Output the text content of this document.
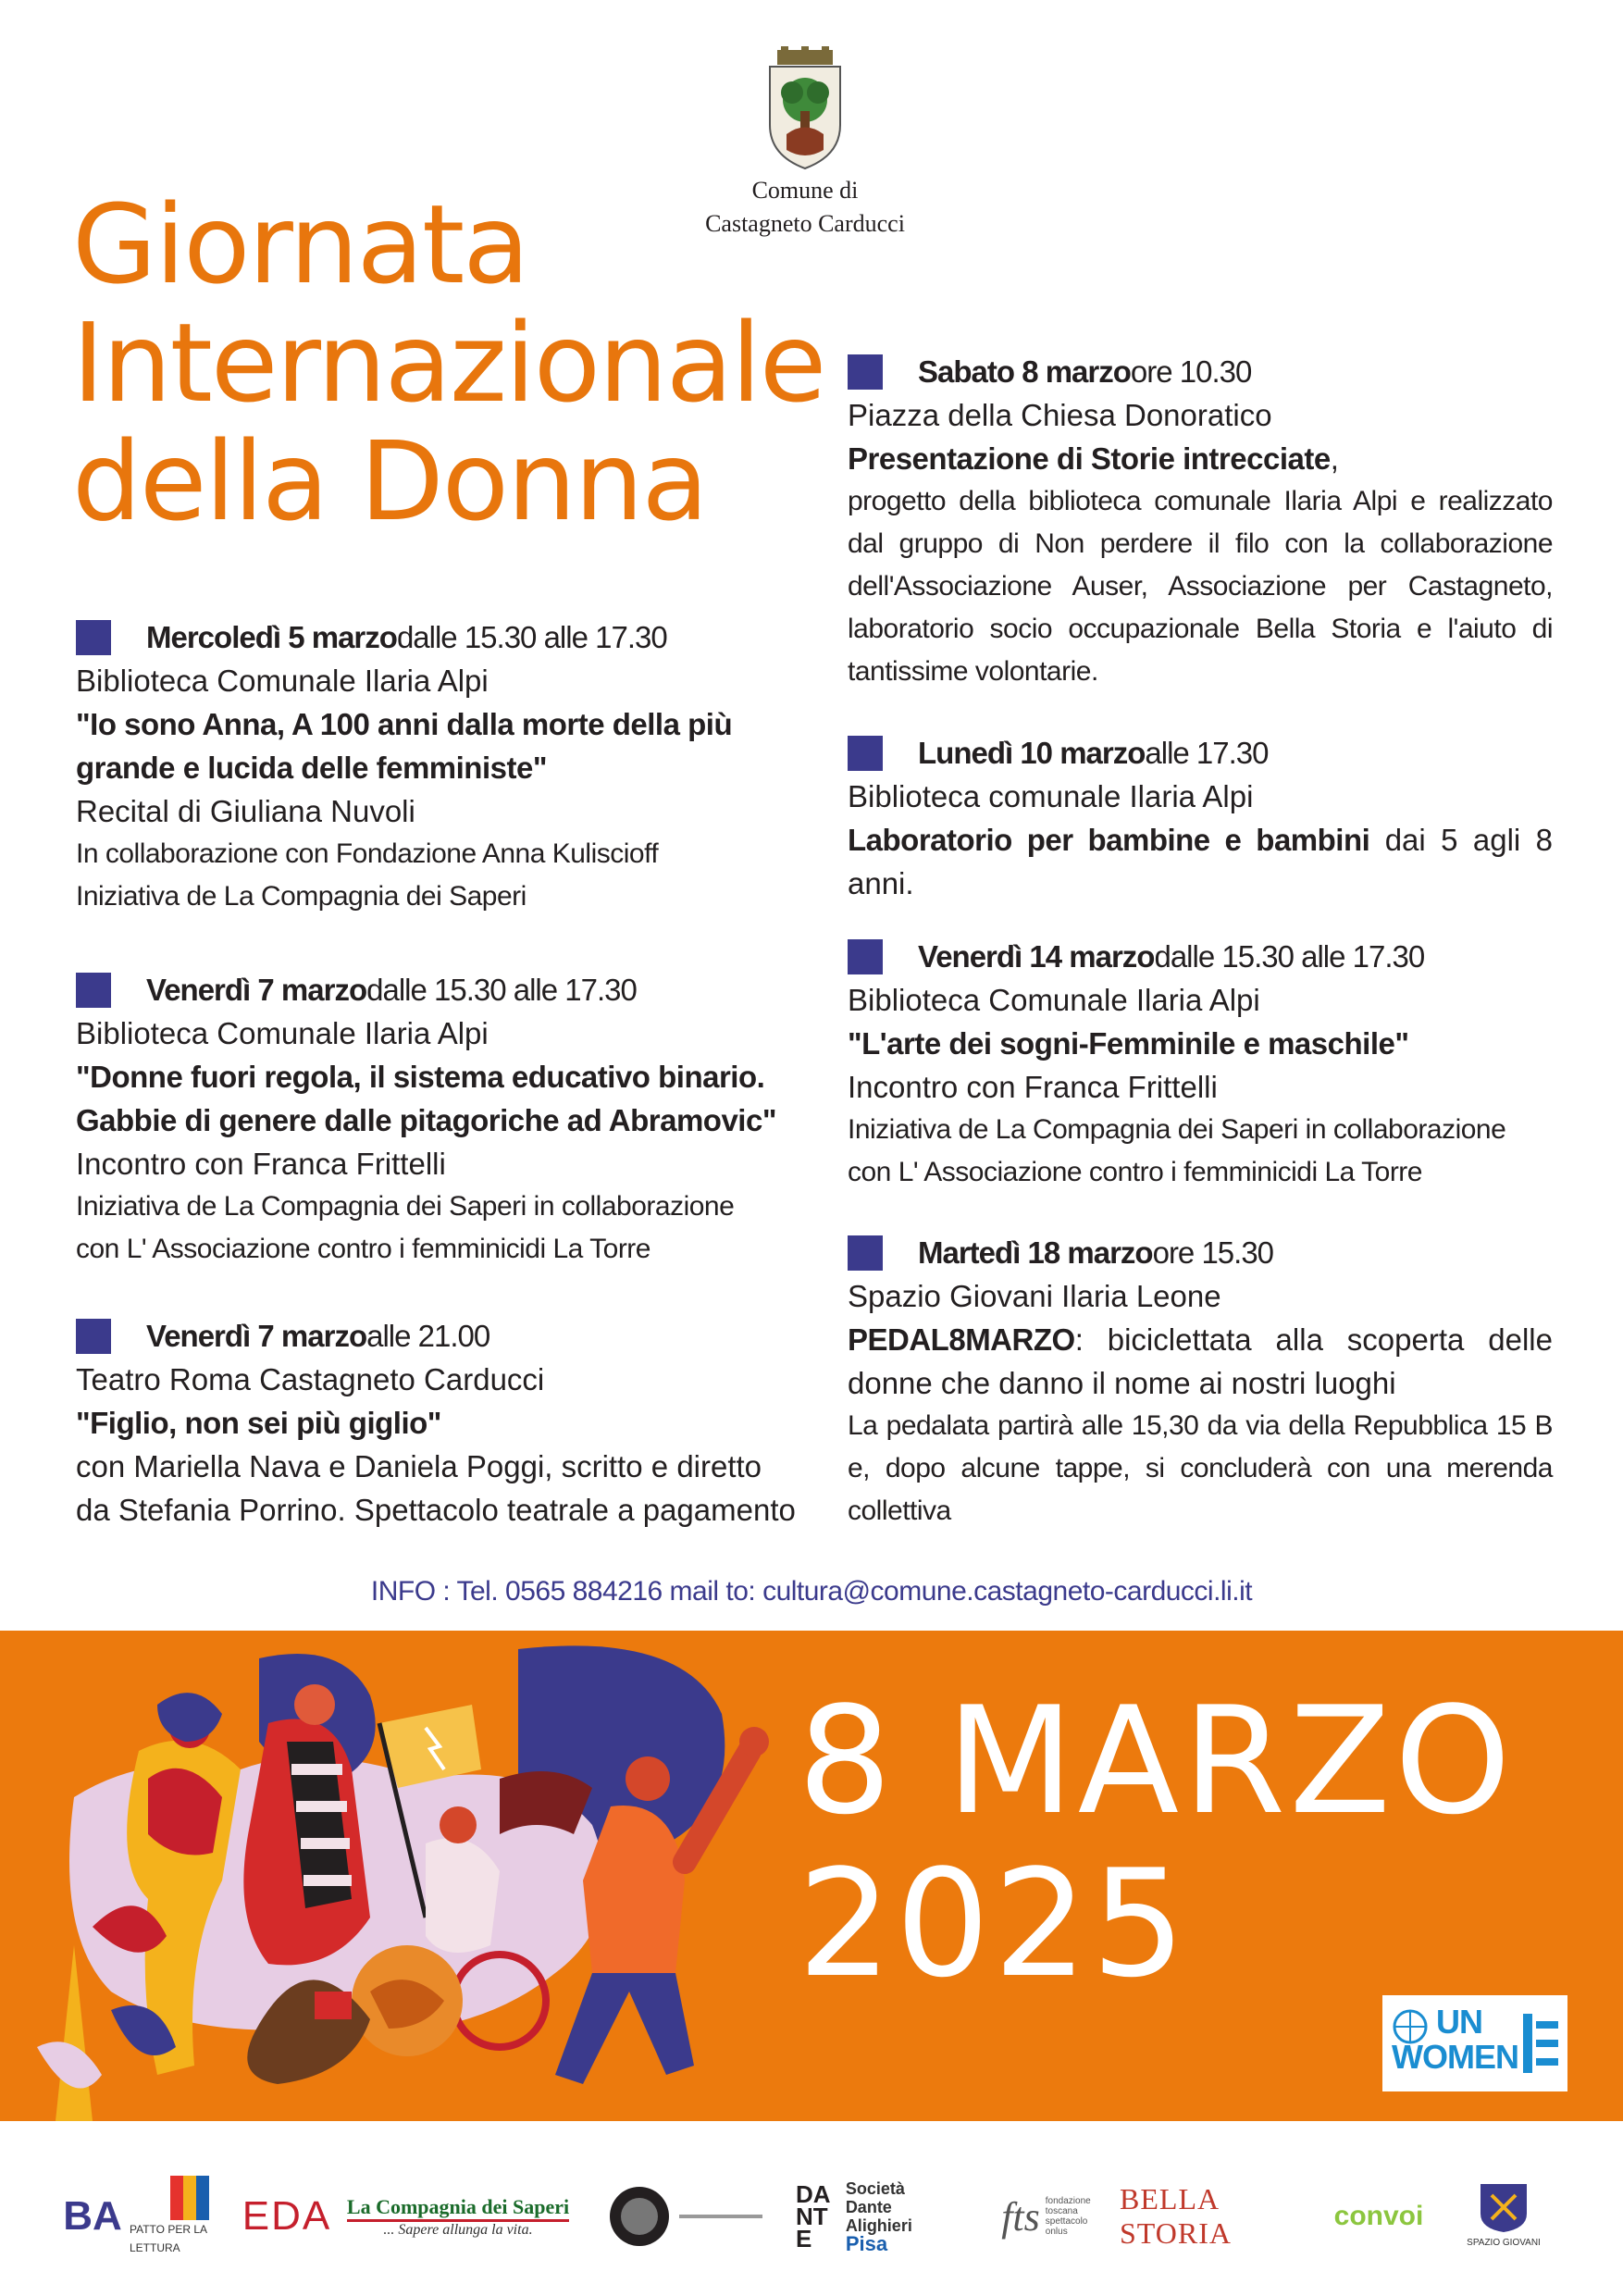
Comune di
Castagneto Carducci
Giornata
Internazionale
della Donna
Mercoledì 5 marzo dalle 15.30 alle 17.30
Biblioteca Comunale Ilaria Alpi
"Io sono Anna, A 100 anni dalla morte della più
grande e lucida delle femministe"
Recital di Giuliana Nuvoli
In collaborazione con Fondazione Anna Kuliscioff
Iniziativa de La Compagnia dei Saperi
Venerdì 7 marzo dalle 15.30 alle 17.30
Biblioteca Comunale Ilaria Alpi
"Donne fuori regola, il sistema educativo binario.
Gabbie di genere dalle pitagoriche ad Abramovic"
Incontro con Franca Frittelli
Iniziativa de La Compagnia dei Saperi in collaborazione
con L' Associazione contro i femminicidi La Torre
Venerdì 7 marzo alle 21.00
Teatro Roma Castagneto Carducci
"Figlio, non sei più giglio"
con Mariella Nava e Daniela Poggi, scritto e diretto
da Stefania Porrino. Spettacolo teatrale a pagamento
Sabato 8 marzo ore 10.30
Piazza della Chiesa Donoratico
Presentazione di Storie intrecciate,
progetto della biblioteca comunale Ilaria Alpi e realizzato dal gruppo di Non perdere il filo con la collaborazione dell'Associazione Auser, Associazione per Castagneto, laboratorio socio occupazionale Bella Storia e l'aiuto di tantissime volontarie.
Lunedì 10 marzo alle 17.30
Biblioteca comunale Ilaria Alpi
Laboratorio per bambine e bambini dai 5 agli 8 anni.
Venerdì 14 marzo dalle 15.30 alle 17.30
Biblioteca Comunale Ilaria Alpi
"L'arte dei sogni-Femminile e maschile"
Incontro con Franca Frittelli
Iniziativa de La Compagnia dei Saperi in collaborazione
con L' Associazione contro i femminicidi La Torre
Martedì 18 marzo ore 15.30
Spazio Giovani Ilaria Leone
PEDAL8MARZO: biciclettata alla scoperta delle donne che danno il nome ai nostri luoghi
La pedalata partirà alle 15,30 da via della Repubblica 15 B e, dopo alcune tappe, si concluderà con una merenda collettiva
INFO : Tel. 0565 884216 mail to: cultura@comune.castagneto-carducci.li.it
8 MARZO
2025
UN
WOMEN
BA PATTO PER LA LETTURA
EDA La Compagnia dei Saperi
... Sapere allunga la vita.
DANTE
Società
Dante Alighieri
Pisa
fts fondazione toscana spettacolo onlus
BELLA STORIA
convoi
SPAZIO GIOVANI
